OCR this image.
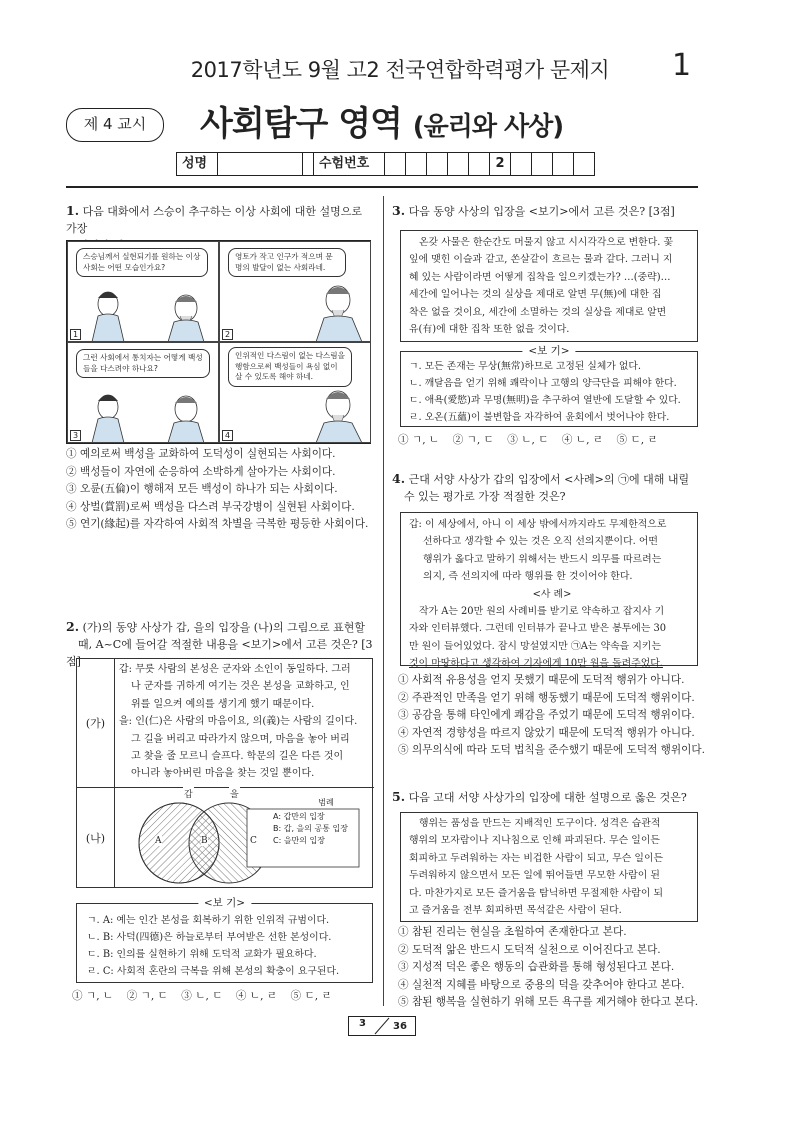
2017학년도 9월 고2 전국연합학력평가 문제지	1
제 4 교시	사회탐구 영역 (윤리와 사상)
성명	수험번호	2
1. 다음 대화에서 스승이 추구하는 이상 사회에 대한 설명으로 가장

스승님께서 실현되기를 원하는 이상 사회는 어떤 모습인가요?
1
영토가 작고 인구가 적으며 문명의 발달이 없는 사회라네.
2
그런 사회에서 통치자는 어떻게 백성들을 다스려야 하나요?
3
인위적인 다스림이 없는 다스림을 행함으로써 백성들이 욕심 없이 살 수 있도록 해야 하네.
4
① 예의로써 백성을 교화하여 도덕성이 실현되는 사회이다.
② 백성들이 자연에 순응하여 소박하게 살아가는 사회이다.
③ 오륜(五倫)이 행해져 모든 백성이 하나가 되는 사회이다.
④ 상벌(賞罰)로써 백성을 다스려 부국강병이 실현된 사회이다.
⑤ 연기(緣起)를 자각하여 사회적 차별을 극복한 평등한 사회이다.
2. (가)의 동양 사상가 갑, 을의 입장을 (나)의 그림으로 표현할
때, A~C에 들어갈 적절한 내용을 <보기>에서 고른 것은? [3점]
(가)
갑: 무릇 사람의 본성은 군자와 소인이 동일하다. 그러
나 군자를 귀하게 여기는 것은 본성을 교화하고, 인
위를 일으켜 예의를 생기게 했기 때문이다.
을: 인(仁)은 사람의 마음이요, 의(義)는 사람의 길이다.
그 길을 버리고 따라가지 않으며, 마음을 놓아 버리
고 찾을 줄 모르니 슬프다. 학문의 길은 다른 것이
아니라 놓아버린 마음을 찾는 것일 뿐이다.
(나)
갑	을
A	B	C
범례
A: 갑만의 입장
B: 갑, 을의 공통 입장
C: 을만의 입장
<보 기>
ㄱ. A: 예는 인간 본성을 회복하기 위한 인위적 규범이다.
ㄴ. B: 사덕(四德)은 하늘로부터 부여받은 선한 본성이다.
ㄷ. B: 인의를 실현하기 위해 도덕적 교화가 필요하다.
ㄹ. C: 사회적 혼란의 극복을 위해 본성의 확충이 요구된다.
① ㄱ, ㄴ    ② ㄱ, ㄷ    ③ ㄴ, ㄷ    ④ ㄴ, ㄹ    ⑤ ㄷ, ㄹ
3. 다음 동양 사상의 입장을 <보기>에서 고른 것은? [3점]
온갖 사물은 한순간도 머물지 않고 시시각각으로 변한다. 꽃
잎에 맺힌 이슬과 같고, 쏜살같이 흐르는 물과 같다. 그러니 지
혜 있는 사람이라면 어떻게 집착을 일으키겠는가? …(중략)…
세간에 일어나는 것의 실상을 제대로 알면 무(無)에 대한 집
착은 없을 것이요, 세간에 소멸하는 것의 실상을 제대로 알면
유(有)에 대한 집착 또한 없을 것이다.
<보 기>
ㄱ. 모든 존재는 무상(無常)하므로 고정된 실체가 없다.
ㄴ. 깨달음을 얻기 위해 쾌락이나 고행의 양극단을 피해야 한다.
ㄷ. 애욕(愛慾)과 무명(無明)을 추구하여 열반에 도달할 수 있다.
ㄹ. 오온(五蘊)이 불변함을 자각하여 윤회에서 벗어나야 한다.
① ㄱ, ㄴ    ② ㄱ, ㄷ    ③ ㄴ, ㄷ    ④ ㄴ, ㄹ    ⑤ ㄷ, ㄹ
4. 근대 서양 사상가 갑의 입장에서 <사례>의 ㉠에 대해 내릴
수 있는 평가로 가장 적절한 것은?
갑: 이 세상에서, 아니 이 세상 밖에서까지라도 무제한적으로
선하다고 생각할 수 있는 것은 오직 선의지뿐이다. 어떤
행위가 옳다고 말하기 위해서는 반드시 의무를 따르려는
의지, 즉 선의지에 따라 행위를 한 것이어야 한다.
<사 례>
작가 A는 20만 원의 사례비를 받기로 약속하고 잡지사 기
자와 인터뷰했다. 그런데 인터뷰가 끝나고 받은 봉투에는 30
만 원이 들어있었다. 잠시 망설였지만 ㉠A는 약속을 지키는
것이 마땅하다고 생각하여 기자에게 10만 원을 돌려주었다.
① 사회적 유용성을 얻지 못했기 때문에 도덕적 행위가 아니다.
② 주관적인 만족을 얻기 위해 행동했기 때문에 도덕적 행위이다.
③ 공감을 통해 타인에게 쾌감을 주었기 때문에 도덕적 행위이다.
④ 자연적 경향성을 따르지 않았기 때문에 도덕적 행위가 아니다.
⑤ 의무의식에 따라 도덕 법칙을 준수했기 때문에 도덕적 행위이다.
5. 다음 고대 서양 사상가의 입장에 대한 설명으로 옳은 것은?
행위는 품성을 만드는 지배적인 도구이다. 성격은 습관적
행위의 모자람이나 지나침으로 인해 파괴된다. 무슨 일이든
회피하고 두려워하는 자는 비겁한 사람이 되고, 무슨 일이든
두려워하지 않으면서 모든 일에 뛰어들면 무모한 사람이 된
다. 마찬가지로 모든 즐거움을 탐닉하면 무절제한 사람이 되
고 즐거움을 전부 회피하면 목석같은 사람이 된다.
① 참된 진리는 현실을 초월하여 존재한다고 본다.
② 도덕적 앎은 반드시 도덕적 실천으로 이어진다고 본다.
③ 지성적 덕은 좋은 행동의 습관화를 통해 형성된다고 본다.
④ 실천적 지혜를 바탕으로 중용의 덕을 갖추어야 한다고 본다.
⑤ 참된 행복을 실현하기 위해 모든 욕구를 제거해야 한다고 본다.
3	36
